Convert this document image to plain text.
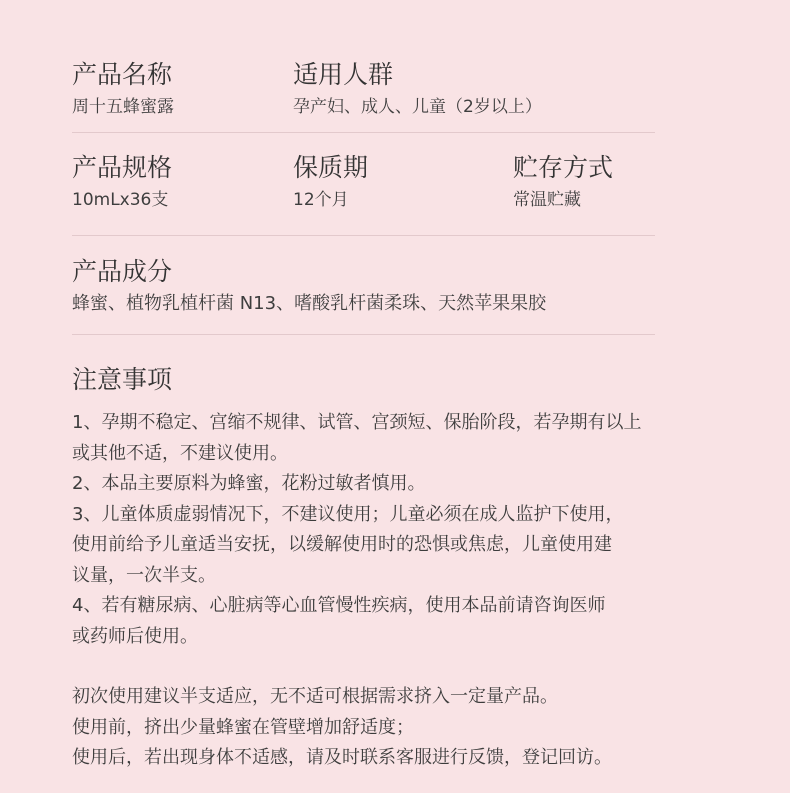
产品名称
周十五蜂蜜露
适用人群
孕产妇、成人、儿童（2岁以上）
产品规格
10mLx36支
保质期
12个月
贮存方式
常温贮藏
产品成分
蜂蜜、植物乳植杆菌 N13、嗜酸乳杆菌柔珠、天然苹果果胶
注意事项

1、孕期不稳定、宫缩不规律、试管、宫颈短、保胎阶段，若孕期有以上

或其他不适，不建议使用。

2、本品主要原料为蜂蜜，花粉过敏者慎用。

3、儿童体质虚弱情况下，不建议使用；儿童必须在成人监护下使用，

使用前给予儿童适当安抚，以缓解使用时的恐惧或焦虑，儿童使用建

议量，一次半支。

4、若有糖尿病、心脏病等心血管慢性疾病，使用本品前请咨询医师

或药师后使用。

初次使用建议半支适应，无不适可根据需求挤入一定量产品。

使用前，挤出少量蜂蜜在管壁增加舒适度；

使用后，若出现身体不适感，请及时联系客服进行反馈，登记回访。
